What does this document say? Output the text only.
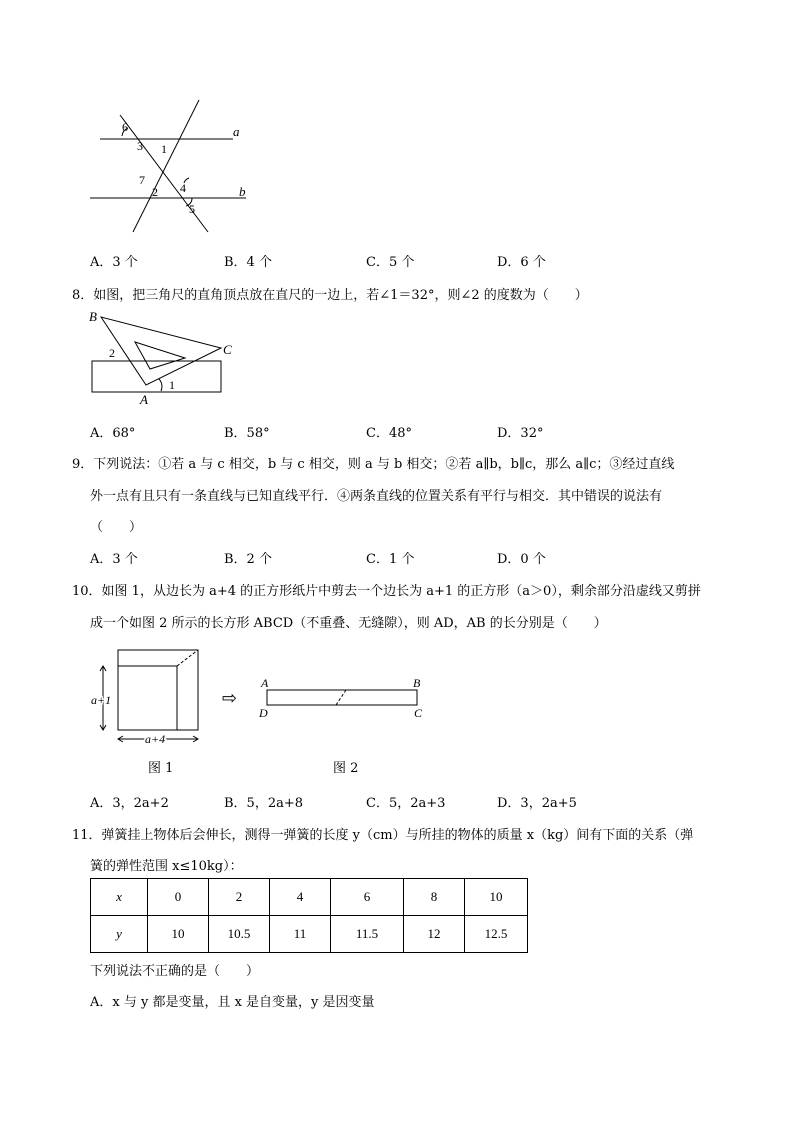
6
3 1
a
7
2 4
5
b
A．3 个	B．4 个	C．5 个	D．6 个
8．如图，把三角尺的直角顶点放在直尺的一边上，若∠1＝32°，则∠2 的度数为（　　）
B
2	C
1
A
A．68°	B．58°	C．48°	D．32°
9．下列说法：①若 a 与 c 相交，b 与 c 相交，则 a 与 b 相交；②若 a∥b，b∥c，那么 a∥c；③经过直线
外一点有且只有一条直线与已知直线平行．④两条直线的位置关系有平行与相交．其中错误的说法有
（　　）
A．3 个	B．2 个	C．1 个	D．0 个
10．如图 1，从边长为 a+4 的正方形纸片中剪去一个边长为 a+1 的正方形（a＞0），剩余部分沿虚线又剪拼
成一个如图 2 所示的长方形 ABCD（不重叠、无缝隙），则 AD，AB 的长分别是（　　）
a+1
a+4
⇨
A	B
D	C
图 1	图 2
A．3，2a+2	B．5，2a+8	C．5，2a+3	D．3，2a+5
11．弹簧挂上物体后会伸长，测得一弹簧的长度 y（cm）与所挂的物体的质量 x（kg）间有下面的关系（弹
簧的弹性范围 x≤10kg）：
x	0	2	4	6	8	10
y	10	10.5	11	11.5	12	12.5
下列说法不正确的是（　　）
A．x 与 y 都是变量，且 x 是自变量，y 是因变量
